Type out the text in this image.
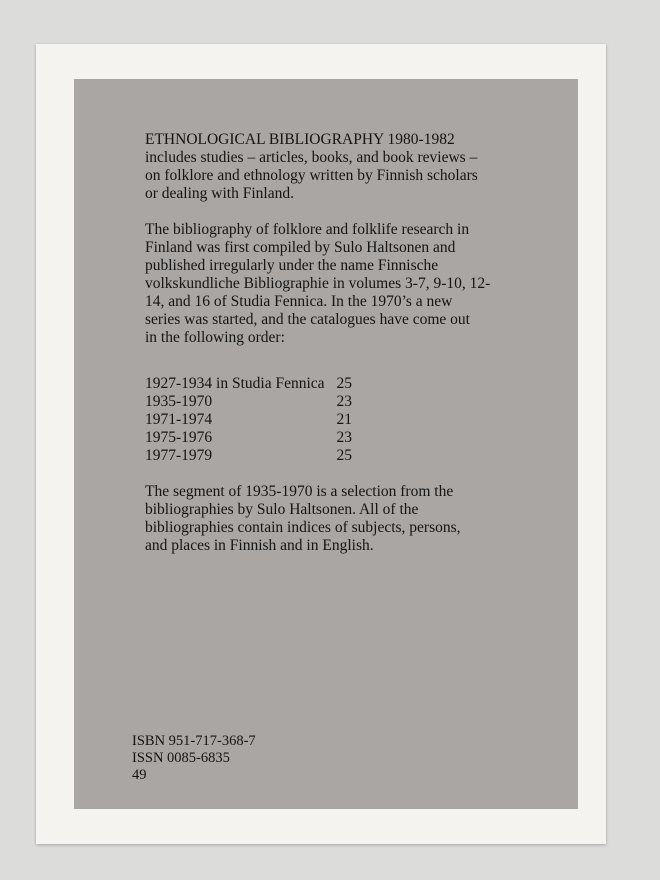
ETHNOLOGICAL BIBLIOGRAPHY 1980-1982
includes studies – articles, books, and book reviews –
on folklore and ethnology written by Finnish scholars
or dealing with Finland.

The bibliography of folklore and folklife research in
Finland was first compiled by Sulo Haltsonen and
published irregularly under the name Finnische
volkskundliche Bibliographie in volumes 3-7, 9-10, 12-
14, and 16 of Studia Fennica. In the 1970’s a new
series was started, and the catalogues have come out
in the following order:

1927-1934 in Studia Fennica	25
1935-1970	23
1971-1974	21
1975-1976	23
1977-1979	25

The segment of 1935-1970 is a selection from the
bibliographies by Sulo Haltsonen. All of the
bibliographies contain indices of subjects, persons,
and places in Finnish and in English.

ISBN 951-717-368-7
ISSN 0085-6835
49
